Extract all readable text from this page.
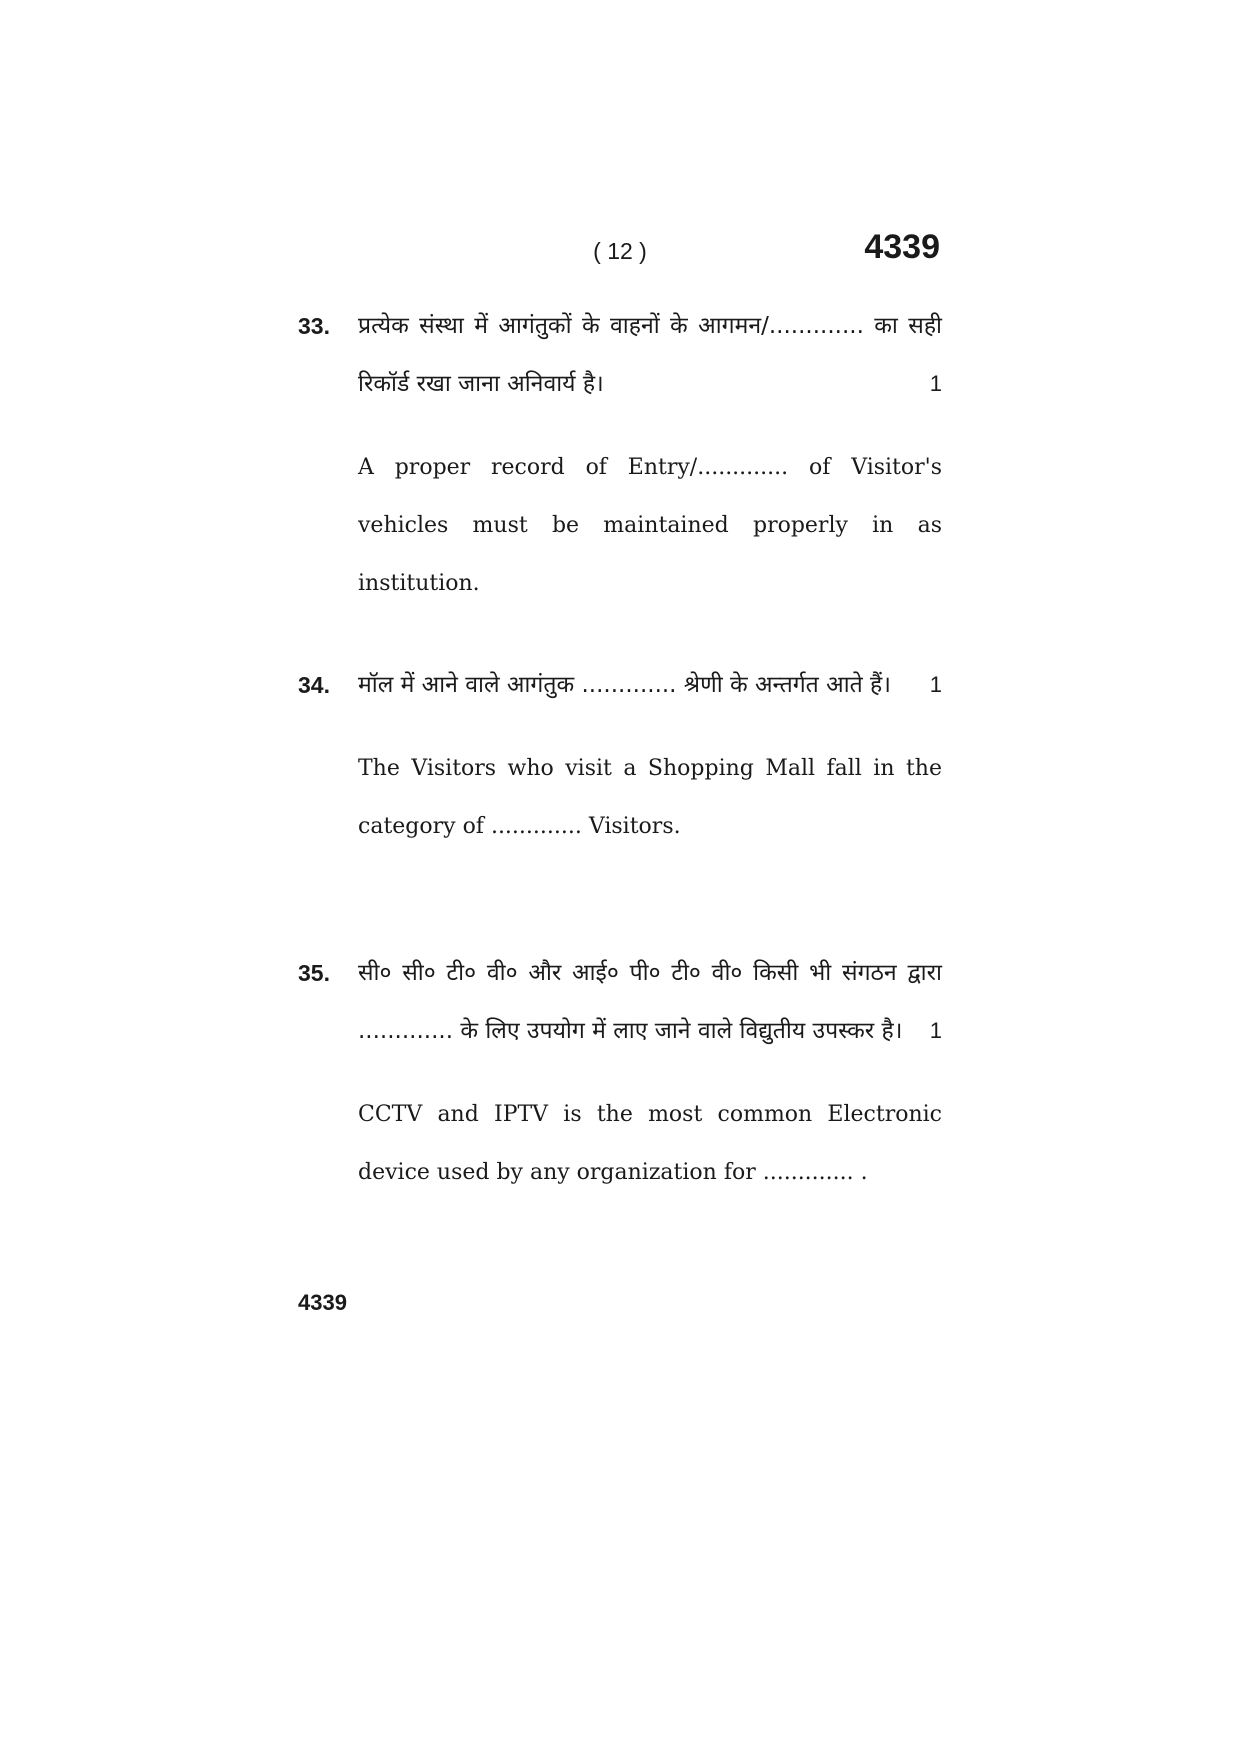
( 12 )	4339
33. प्रत्येक संस्था में आगंतुकों के वाहनों के आगमन/............. का सही रिकॉर्ड रखा जाना अनिवार्य है।	1

A proper record of Entry/............. of Visitor's vehicles must be maintained properly in as institution.

34. मॉल में आने वाले आगंतुक ............. श्रेणी के अन्तर्गत आते हैं। 1

The Visitors who visit a Shopping Mall fall in the category of ............. Visitors.

35. सी० सी० टी० वी० और आई० पी० टी० वी० किसी भी संगठन द्वारा ............. के लिए उपयोग में लाए जाने वाले विद्युतीय उपस्कर है। 1

CCTV and IPTV is the most common Electronic device used by any organization for ............. .

4339
